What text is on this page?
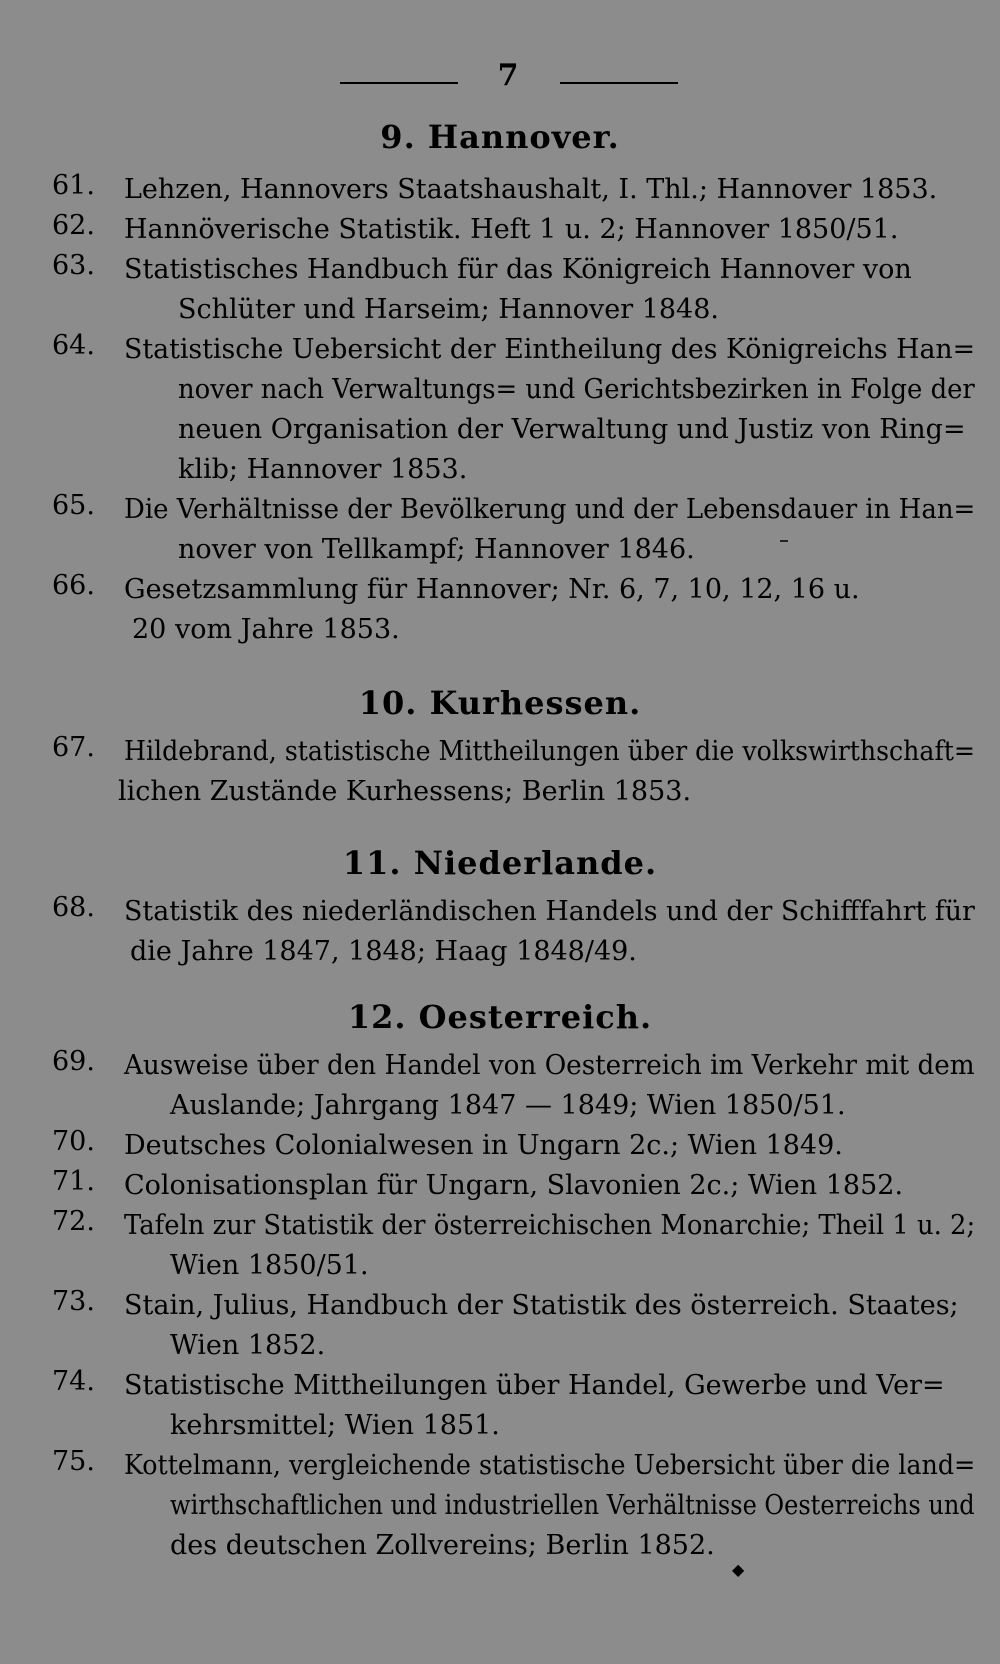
7
9. Hannover.
61.	Lehzen, Hannovers Staatshaushalt, I. Thl.; Hannover 1853.
62.	Hannöverische Statistik. Heft 1 u. 2; Hannover 1850/51.
63.	Statistisches Handbuch für das Königreich Hannover von
Schlüter und Harseim; Hannover 1848.
64.	Statistische Uebersicht der Eintheilung des Königreichs Han=
nover nach Verwaltungs= und Gerichtsbezirken in Folge der
neuen Organisation der Verwaltung und Justiz von Ring=
klib; Hannover 1853.
65.	Die Verhältnisse der Bevölkerung und der Lebensdauer in Han=
nover von Tellkampf; Hannover 1846.
66.	Gesetzsammlung für Hannover; Nr. 6, 7, 10, 12, 16 u.
20 vom Jahre 1853.
10. Kurhessen.
67.	Hildebrand, statistische Mittheilungen über die volkswirthschaft=
lichen Zustände Kurhessens; Berlin 1853.
11. Niederlande.
68.	Statistik des niederländischen Handels und der Schifffahrt für
die Jahre 1847, 1848; Haag 1848/49.
12. Oesterreich.
69.	Ausweise über den Handel von Oesterreich im Verkehr mit dem
Auslande; Jahrgang 1847 — 1849; Wien 1850/51.
70.	Deutsches Colonialwesen in Ungarn 2c.; Wien 1849.
71.	Colonisationsplan für Ungarn, Slavonien 2c.; Wien 1852.
72.	Tafeln zur Statistik der österreichischen Monarchie; Theil 1 u. 2;
Wien 1850/51.
73.	Stain, Julius, Handbuch der Statistik des österreich. Staates;
Wien 1852.
74.	Statistische Mittheilungen über Handel, Gewerbe und Ver=
kehrsmittel; Wien 1851.
75.	Kottelmann, vergleichende statistische Uebersicht über die land=
wirthschaftlichen und industriellen Verhältnisse Oesterreichs und
des deutschen Zollvereins; Berlin 1852.
◆
